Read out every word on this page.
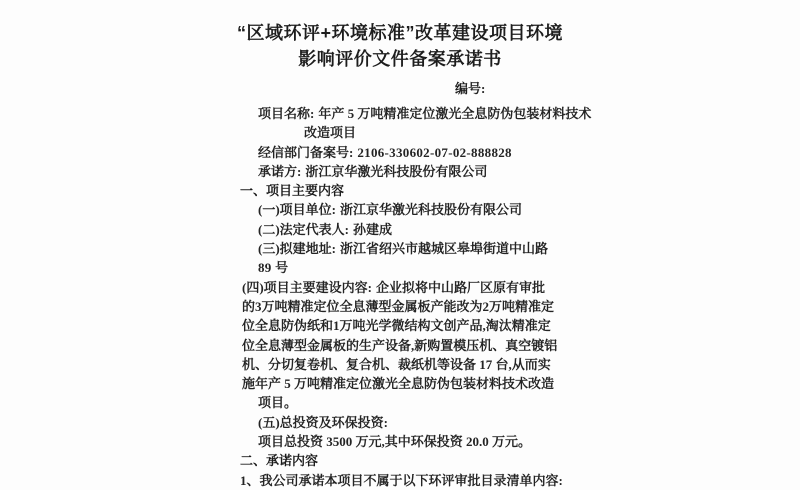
“区域环评+环境标准”改革建设项目环境
影响评价文件备案承诺书
编号:
项目名称: 年产 5 万吨精准定位激光全息防伪包装材料技术
改造项目
经信部门备案号: 2106-330602-07-02-888828
承诺方: 浙江京华激光科技股份有限公司
一、项目主要内容
(一)项目单位: 浙江京华激光科技股份有限公司
(二)法定代表人: 孙建成
(三)拟建地址: 浙江省绍兴市越城区皋埠街道中山路
89 号
(四)项目主要建设内容: 企业拟将中山路厂区原有审批
的3万吨精准定位全息薄型金属板产能改为2万吨精准定
位全息防伪纸和1万吨光学微结构文创产品,淘汰精准定
位全息薄型金属板的生产设备,新购置模压机、真空镀铝
机、分切复卷机、复合机、裁纸机等设备 17 台,从而实
施年产 5 万吨精准定位激光全息防伪包装材料技术改造
项目。
(五)总投资及环保投资:
项目总投资 3500 万元,其中环保投资 20.0 万元。
二、承诺内容
1、我公司承诺本项目不属于以下环评审批目录清单内容:
